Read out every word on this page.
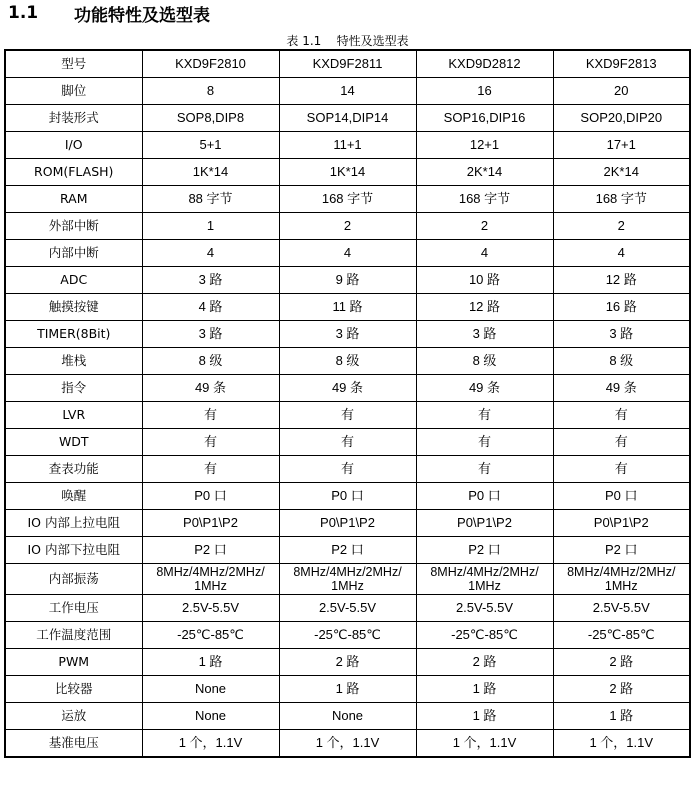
1.1	功能特性及选型表
表 1.1    特性及选型表
型号	KXD9F2810	KXD9F2811	KXD9D2812	KXD9F2813
脚位	8	14	16	20
封装形式	SOP8,DIP8	SOP14,DIP14	SOP16,DIP16	SOP20,DIP20
I/O	5+1	11+1	12+1	17+1
ROM(FLASH)	1K*14	1K*14	2K*14	2K*14
RAM	88 字节	168 字节	168 字节	168 字节
外部中断	1	2	2	2
内部中断	4	4	4	4
ADC	3 路	9 路	10 路	12 路
触摸按键	4 路	11 路	12 路	16 路
TIMER(8Bit)	3 路	3 路	3 路	3 路
堆栈	8 级	8 级	8 级	8 级
指令	49 条	49 条	49 条	49 条
LVR	有	有	有	有
WDT	有	有	有	有
查表功能	有	有	有	有
唤醒	P0 口	P0 口	P0 口	P0 口
IO 内部上拉电阻	P0\P1\P2	P0\P1\P2	P0\P1\P2	P0\P1\P2
IO 内部下拉电阻	P2 口	P2 口	P2 口	P2 口
内部振荡	8MHz/4MHz/2MHz/ 1MHz	8MHz/4MHz/2MHz/ 1MHz	8MHz/4MHz/2MHz/ 1MHz	8MHz/4MHz/2MHz/ 1MHz
工作电压	2.5V-5.5V	2.5V-5.5V	2.5V-5.5V	2.5V-5.5V
工作温度范围	-25℃-85℃	-25℃-85℃	-25℃-85℃	-25℃-85℃
PWM	1 路	2 路	2 路	2 路
比较器	None	1 路	1 路	2 路
运放	None	None	1 路	1 路
基准电压	1 个，1.1V	1 个，1.1V	1 个，1.1V	1 个，1.1V
